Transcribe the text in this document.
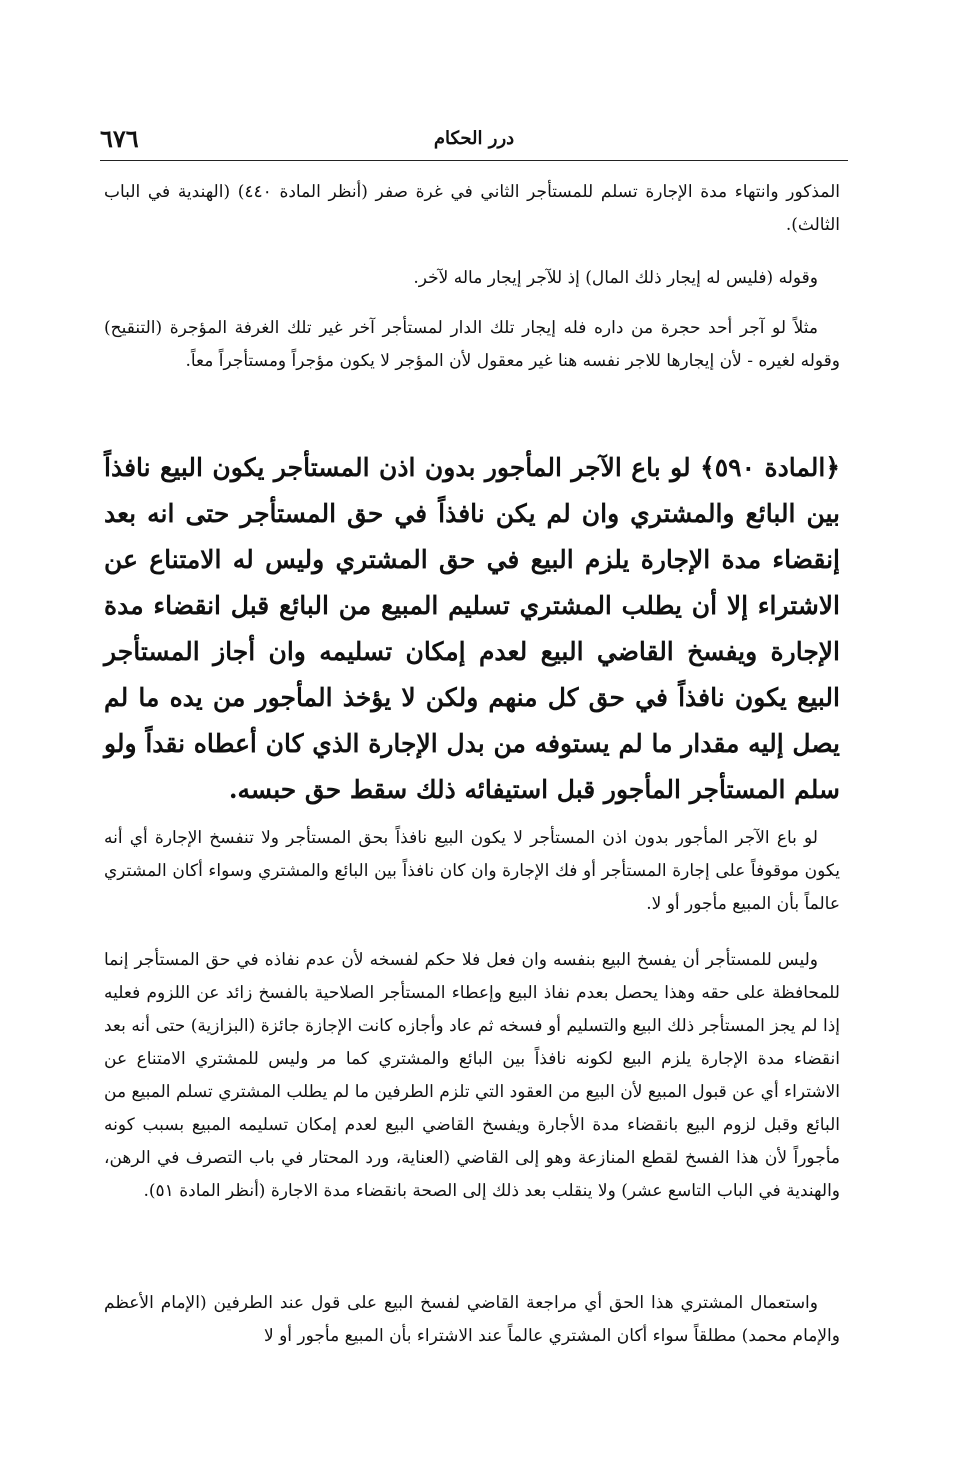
٦٧٦	درر الحكام

المذكور وانتهاء مدة الإجارة تسلم للمستأجر الثاني في غرة صفر (أنظر المادة ٤٤٠) (الهندية في الباب الثالث).

وقوله (فليس له إيجار ذلك المال) إذ للآجر إيجار ماله لآخر.

مثلاً لو آجر أحد حجرة من داره فله إيجار تلك الدار لمستأجر آخر غير تلك الغرفة المؤجرة (التنقيح) وقوله لغيره - لأن إيجارها للاجر نفسه هنا غير معقول لأن المؤجر لا يكون مؤجراً ومستأجراً معاً.

﴿المادة ٥٩٠﴾ لو باع الآجر المأجور بدون اذن المستأجر يكون البيع نافذاً بين البائع والمشتري وان لم يكن نافذاً في حق المستأجر حتى انه بعد إنقضاء مدة الإجارة يلزم البيع في حق المشتري وليس له الامتناع عن الاشتراء إلا أن يطلب المشتري تسليم المبيع من البائع قبل انقضاء مدة الإجارة ويفسخ القاضي البيع لعدم إمكان تسليمه وان أجاز المستأجر البيع يكون نافذاً في حق كل منهم ولكن لا يؤخذ المأجور من يده ما لم يصل إليه مقدار ما لم يستوفه من بدل الإجارة الذي كان أعطاه نقداً ولو سلم المستأجر المأجور قبل استيفائه ذلك سقط حق حبسه.

لو باع الآجر المأجور بدون اذن المستأجر لا يكون البيع نافذاً بحق المستأجر ولا تنفسخ الإجارة أي أنه يكون موقوفاً على إجارة المستأجر أو فك الإجارة وان كان نافذاً بين البائع والمشتري وسواء أكان المشتري عالماً بأن المبيع مأجور أو لا.

وليس للمستأجر أن يفسخ البيع بنفسه وان فعل فلا حكم لفسخه لأن عدم نفاذه في حق المستأجر إنما للمحافظة على حقه وهذا يحصل بعدم نفاذ البيع وإعطاء المستأجر الصلاحية بالفسخ زائد عن اللزوم فعليه إذا لم يجز المستأجر ذلك البيع والتسليم أو فسخه ثم عاد وأجازه كانت الإجازة جائزة (البزازية) حتى أنه بعد انقضاء مدة الإجارة يلزم البيع لكونه نافذاً بين البائع والمشتري كما مر وليس للمشتري الامتناع عن الاشتراء أي عن قبول المبيع لأن البيع من العقود التي تلزم الطرفين ما لم يطلب المشتري تسلم المبيع من البائع وقبل لزوم البيع بانقضاء مدة الأجارة ويفسخ القاضي البيع لعدم إمكان تسليمه المبيع بسبب كونه مأجوراً لأن هذا الفسخ لقطع المنازعة وهو إلى القاضي (العناية، ورد المحتار في باب التصرف في الرهن، والهندية في الباب التاسع عشر) ولا ينقلب بعد ذلك إلى الصحة بانقضاء مدة الاجارة (أنظر المادة ٥١).

واستعمال المشتري هذا الحق أي مراجعة القاضي لفسخ البيع على قول عند الطرفين (الإمام الأعظم والإمام محمد) مطلقاً سواء أكان المشتري عالماً عند الاشتراء بأن المبيع مأجور أو لا
